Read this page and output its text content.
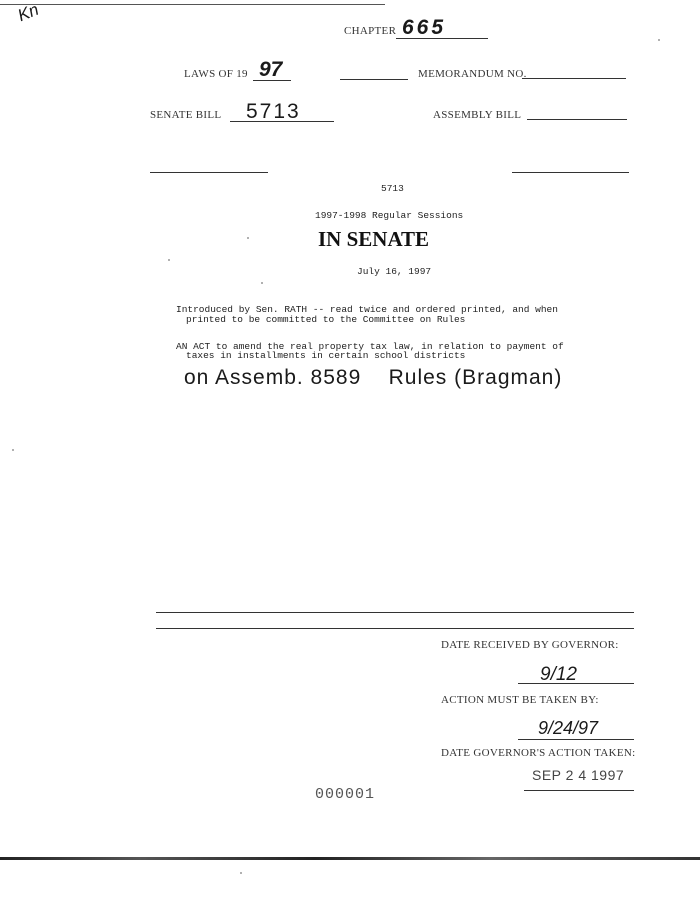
Kn
CHAPTER 665
LAWS OF 19 97	MEMORANDUM NO.
SENATE BILL 5713	ASSEMBLY BILL
5713
1997-1998 Regular Sessions
IN SENATE
July 16, 1997
Introduced by Sen. RATH -- read twice and ordered printed, and when
printed to be committed to the Committee on Rules
AN ACT to amend the real property tax law, in relation to payment of
taxes in installments in certain school districts
on Assemb. 8589    Rules (Bragman)
DATE RECEIVED BY GOVERNOR:
9/12
ACTION MUST BE TAKEN BY:
9/24/97
DATE GOVERNOR'S ACTION TAKEN:
SEP 2 4 1997
000001
